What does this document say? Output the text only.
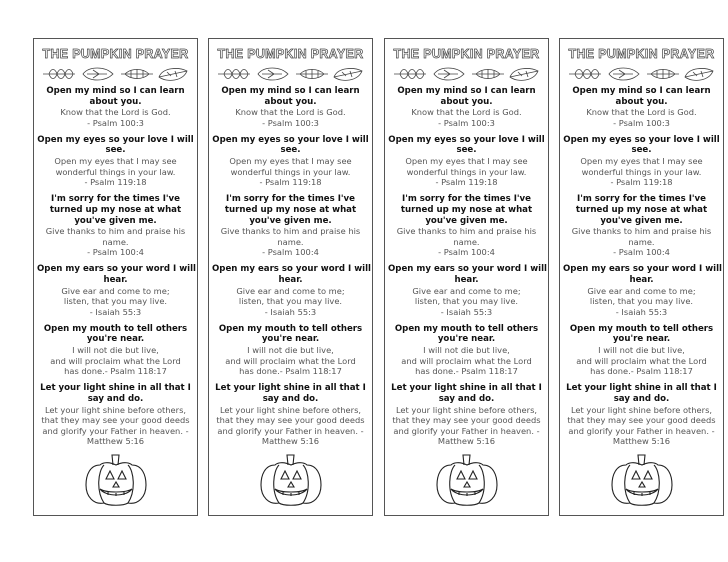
THE PUMPKIN PRAYER
Open my mind so I can learn
about you.
Know that the Lord is God.
- Psalm 100:3
Open my eyes so your love I will
see.
Open my eyes that I may see
wonderful things in your law.
- Psalm 119:18
I'm sorry for the times I've
turned up my nose at what
you've given me.
Give thanks to him and praise his
name.
- Psalm 100:4
Open my ears so your word I will
hear.
Give ear and come to me;
listen, that you may live.
- Isaiah 55:3
Open my mouth to tell others
you're near.
I will not die but live,
and will proclaim what the Lord
has done.- Psalm 118:17
Let your light shine in all that I
say and do.
Let your light shine before others,
that they may see your good deeds
and glorify your Father in heaven. -
Matthew 5:16
THE PUMPKIN PRAYER
Open my mind so I can learn
about you.
Know that the Lord is God.
- Psalm 100:3
Open my eyes so your love I will
see.
Open my eyes that I may see
wonderful things in your law.
- Psalm 119:18
I'm sorry for the times I've
turned up my nose at what
you've given me.
Give thanks to him and praise his
name.
- Psalm 100:4
Open my ears so your word I will
hear.
Give ear and come to me;
listen, that you may live.
- Isaiah 55:3
Open my mouth to tell others
you're near.
I will not die but live,
and will proclaim what the Lord
has done.- Psalm 118:17
Let your light shine in all that I
say and do.
Let your light shine before others,
that they may see your good deeds
and glorify your Father in heaven. -
Matthew 5:16
THE PUMPKIN PRAYER
Open my mind so I can learn
about you.
Know that the Lord is God.
- Psalm 100:3
Open my eyes so your love I will
see.
Open my eyes that I may see
wonderful things in your law.
- Psalm 119:18
I'm sorry for the times I've
turned up my nose at what
you've given me.
Give thanks to him and praise his
name.
- Psalm 100:4
Open my ears so your word I will
hear.
Give ear and come to me;
listen, that you may live.
- Isaiah 55:3
Open my mouth to tell others
you're near.
I will not die but live,
and will proclaim what the Lord
has done.- Psalm 118:17
Let your light shine in all that I
say and do.
Let your light shine before others,
that they may see your good deeds
and glorify your Father in heaven. -
Matthew 5:16
THE PUMPKIN PRAYER
Open my mind so I can learn
about you.
Know that the Lord is God.
- Psalm 100:3
Open my eyes so your love I will
see.
Open my eyes that I may see
wonderful things in your law.
- Psalm 119:18
I'm sorry for the times I've
turned up my nose at what
you've given me.
Give thanks to him and praise his
name.
- Psalm 100:4
Open my ears so your word I will
hear.
Give ear and come to me;
listen, that you may live.
- Isaiah 55:3
Open my mouth to tell others
you're near.
I will not die but live,
and will proclaim what the Lord
has done.- Psalm 118:17
Let your light shine in all that I
say and do.
Let your light shine before others,
that they may see your good deeds
and glorify your Father in heaven. -
Matthew 5:16
